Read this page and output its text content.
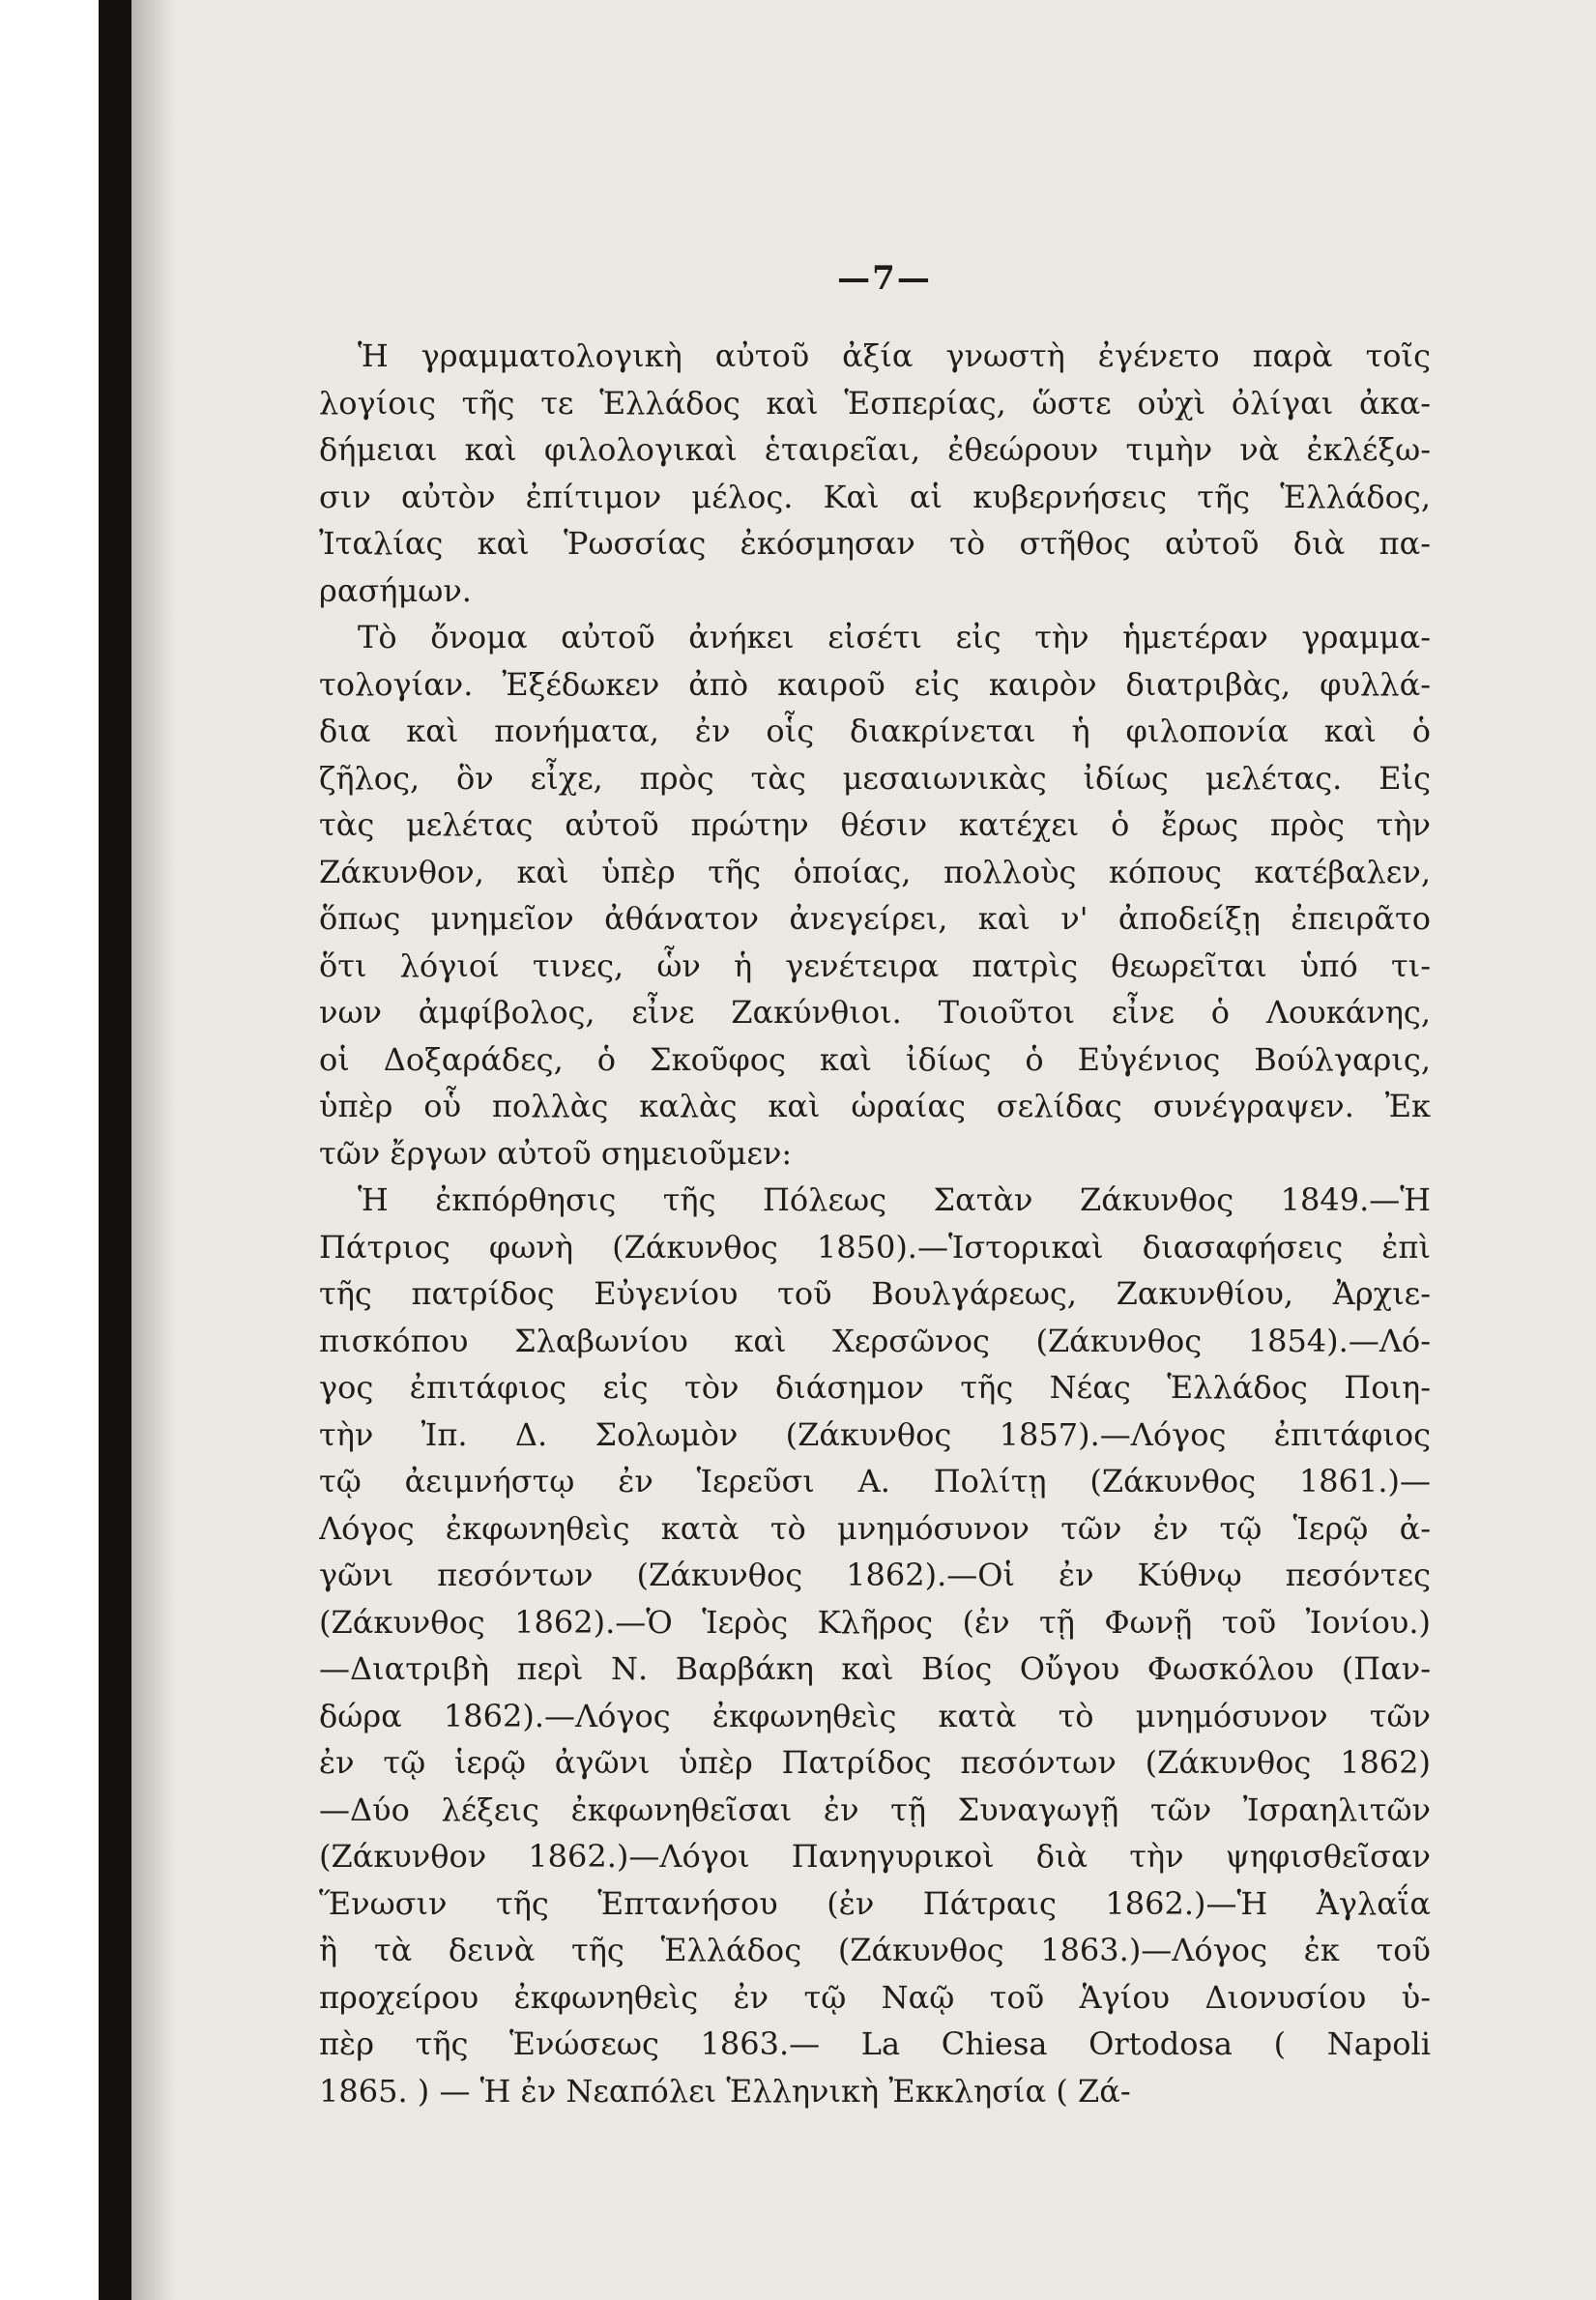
—7—
Ἡ γραμματολογικὴ αὐτοῦ ἀξία γνωστὴ ἐγένετο παρὰ τοῖς
λογίοις τῆς τε Ἑλλάδος καὶ Ἑσπερίας, ὥστε οὐχὶ ὀλίγαι ἀκα-
δήμειαι καὶ φιλολογικαὶ ἑταιρεῖαι, ἐθεώρουν τιμὴν νὰ ἐκλέξω-
σιν αὐτὸν ἐπίτιμον μέλος. Καὶ αἱ κυβερνήσεις τῆς Ἑλλάδος,
Ἰταλίας καὶ Ῥωσσίας ἐκόσμησαν τὸ στῆθος αὐτοῦ διὰ πα-
ρασήμων.
Τὸ ὄνομα αὐτοῦ ἀνήκει εἰσέτι εἰς τὴν ἡμετέραν γραμμα-
τολογίαν. Ἐξέδωκεν ἀπὸ καιροῦ εἰς καιρὸν διατριβὰς, φυλλά-
δια καὶ πονήματα, ἐν οἷς διακρίνεται ἡ φιλοπονία καὶ ὁ
ζῆλος, ὃν εἶχε, πρὸς τὰς μεσαιωνικὰς ἰδίως μελέτας. Εἰς
τὰς μελέτας αὐτοῦ πρώτην θέσιν κατέχει ὁ ἔρως πρὸς τὴν
Ζάκυνθον, καὶ ὑπὲρ τῆς ὁποίας, πολλοὺς κόπους κατέβαλεν,
ὅπως μνημεῖον ἀθάνατον ἀνεγείρει, καὶ ν' ἀποδείξῃ ἐπειρᾶτο
ὅτι λόγιοί τινες, ὧν ἡ γενέτειρα πατρὶς θεωρεῖται ὑπό τι-
νων ἀμφίβολος, εἶνε Ζακύνθιοι. Τοιοῦτοι εἶνε ὁ Λουκάνης,
οἱ Δοξαράδες, ὁ Σκοῦφος καὶ ἰδίως ὁ Εὐγένιος Βούλγαρις,
ὑπὲρ οὗ πολλὰς καλὰς καὶ ὡραίας σελίδας συνέγραψεν. Ἐκ
τῶν ἔργων αὐτοῦ σημειοῦμεν:
Ἡ ἐκπόρθησις τῆς Πόλεως Σατὰν Ζάκυνθος 1849.—Ἡ
Πάτριος φωνὴ (Ζάκυνθος 1850).—Ἱστορικαὶ διασαφήσεις ἐπὶ
τῆς πατρίδος Εὐγενίου τοῦ Βουλγάρεως, Ζακυνθίου, Ἀρχιε-
πισκόπου Σλαβωνίου καὶ Χερσῶνος (Ζάκυνθος 1854).—Λό-
γος ἐπιτάφιος εἰς τὸν διάσημον τῆς Νέας Ἑλλάδος Ποιη-
τὴν Ἰπ. Δ. Σολωμὸν (Ζάκυνθος 1857).—Λόγος ἐπιτάφιος
τῷ ἀειμνήστῳ ἐν Ἱερεῦσι Α. Πολίτῃ (Ζάκυνθος 1861.)—
Λόγος ἐκφωνηθεὶς κατὰ τὸ μνημόσυνον τῶν ἐν τῷ Ἱερῷ ἀ-
γῶνι πεσόντων (Ζάκυνθος 1862).—Οἱ ἐν Κύθνῳ πεσόντες
(Ζάκυνθος 1862).—Ὁ Ἱερὸς Κλῆρος (ἐν τῇ Φωνῇ τοῦ Ἰονίου.)
—Διατριβὴ περὶ Ν. Βαρβάκη καὶ Βίος Οὔγου Φωσκόλου (Παν-
δώρα 1862).—Λόγος ἐκφωνηθεὶς κατὰ τὸ μνημόσυνον τῶν
ἐν τῷ ἱερῷ ἀγῶνι ὑπὲρ Πατρίδος πεσόντων (Ζάκυνθος 1862)
—Δύο λέξεις ἐκφωνηθεῖσαι ἐν τῇ Συναγωγῇ τῶν Ἰσραηλιτῶν
(Ζάκυνθον 1862.)—Λόγοι Πανηγυρικοὶ διὰ τὴν ψηφισθεῖσαν
Ἕνωσιν τῆς Ἑπτανήσου (ἐν Πάτραις 1862.)—Ἡ Ἀγλαΐα
ἢ τὰ δεινὰ τῆς Ἑλλάδος (Ζάκυνθος 1863.)—Λόγος ἐκ τοῦ
προχείρου ἐκφωνηθεὶς ἐν τῷ Ναῷ τοῦ Ἁγίου Διονυσίου ὑ-
πὲρ τῆς Ἑνώσεως 1863.— La Chiesa Ortodosa ( Napoli
1865. ) — Ἡ ἐν Νεαπόλει Ἑλληνικὴ Ἐκκλησία ( Ζά-
